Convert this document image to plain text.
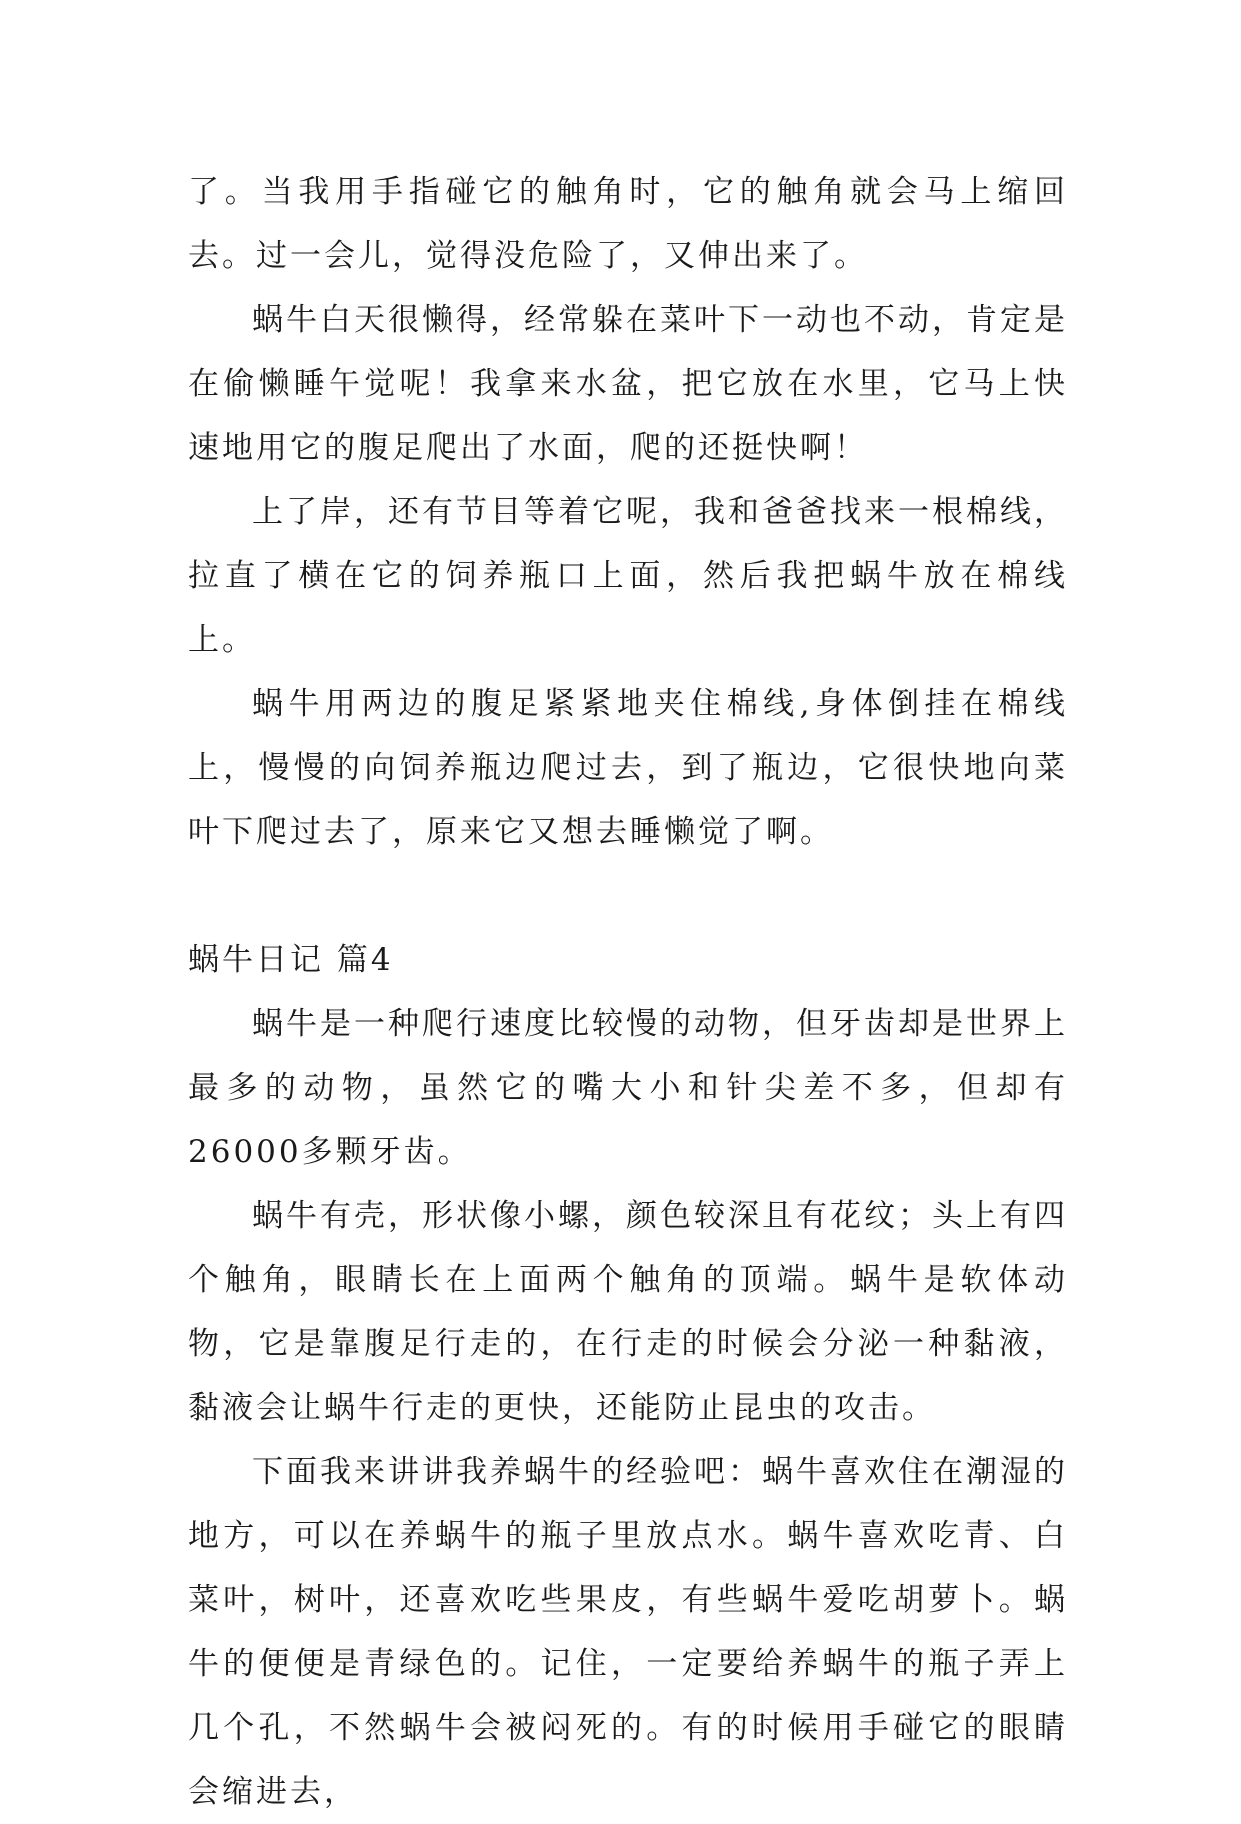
了。当我用手指碰它的触角时，它的触角就会马上缩回去。过一会儿，觉得没危险了，又伸出来了。

蜗牛白天很懒得，经常躲在菜叶下一动也不动，肯定是在偷懒睡午觉呢！我拿来水盆，把它放在水里，它马上快速地用它的腹足爬出了水面，爬的还挺快啊！

上了岸，还有节目等着它呢，我和爸爸找来一根棉线，拉直了横在它的饲养瓶口上面，然后我把蜗牛放在棉线上。

蜗牛用两边的腹足紧紧地夹住棉线,身体倒挂在棉线上，慢慢的向饲养瓶边爬过去，到了瓶边，它很快地向菜叶下爬过去了，原来它又想去睡懒觉了啊。

蜗牛日记 篇4

蜗牛是一种爬行速度比较慢的动物，但牙齿却是世界上最多的动物，虽然它的嘴大小和针尖差不多，但却有26000多颗牙齿。

蜗牛有壳，形状像小螺，颜色较深且有花纹；头上有四个触角，眼睛长在上面两个触角的顶端。蜗牛是软体动物，它是靠腹足行走的，在行走的时候会分泌一种黏液，黏液会让蜗牛行走的更快，还能防止昆虫的攻击。

下面我来讲讲我养蜗牛的经验吧：蜗牛喜欢住在潮湿的地方，可以在养蜗牛的瓶子里放点水。蜗牛喜欢吃青、白菜叶，树叶，还喜欢吃些果皮，有些蜗牛爱吃胡萝卜。蜗牛的便便是青绿色的。记住，一定要给养蜗牛的瓶子弄上几个孔，不然蜗牛会被闷死的。有的时候用手碰它的眼睛会缩进去，
